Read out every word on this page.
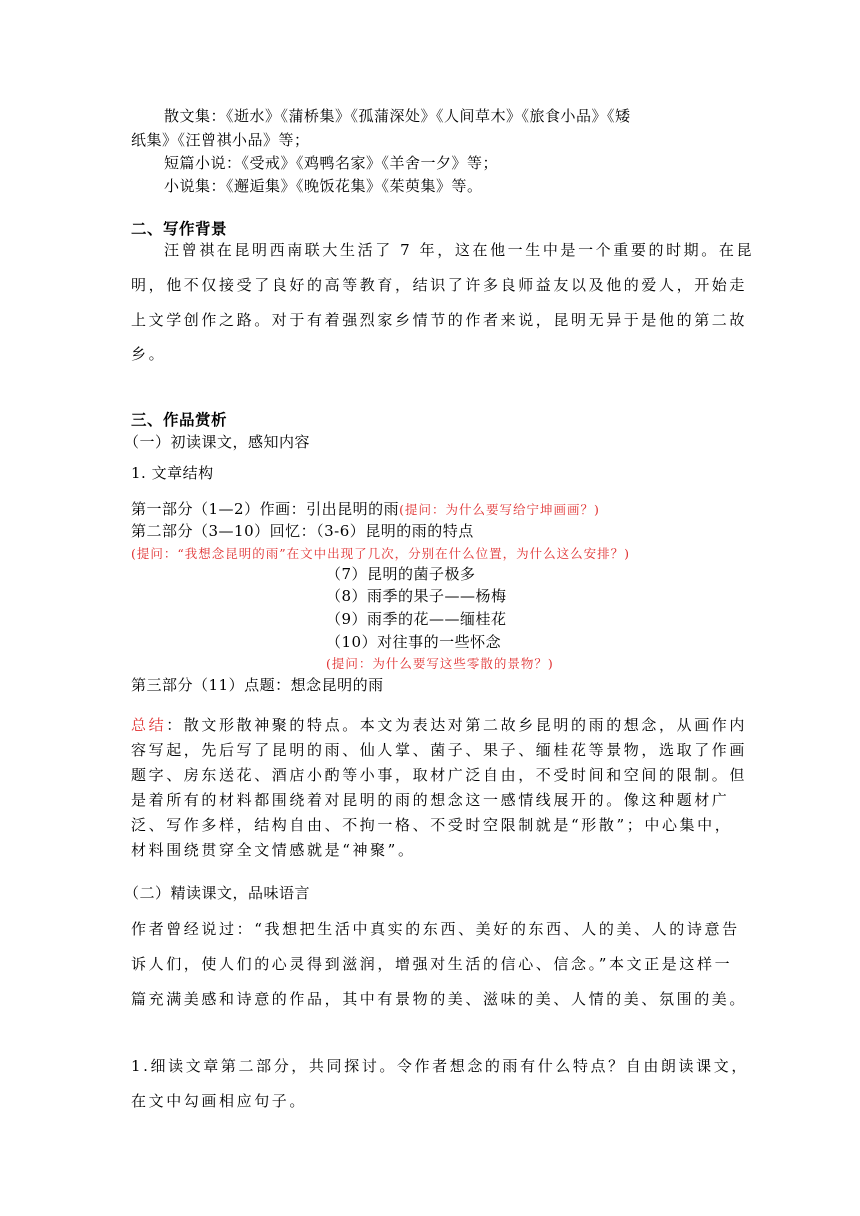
散文集：《逝水》《蒲桥集》《孤蒲深处》《人间草木》《旅食小品》《矮
纸集》《汪曾祺小品》等；
短篇小说：《受戒》《鸡鸭名家》《羊舍一夕》等；
小说集：《邂逅集》《晚饭花集》《茱萸集》等。
二、写作背景
汪曾祺在昆明西南联大生活了 7 年，这在他一生中是一个重要的时期。在昆
明，他不仅接受了良好的高等教育，结识了许多良师益友以及他的爱人，开始走
上文学创作之路。对于有着强烈家乡情节的作者来说，昆明无异于是他的第二故
乡。
三、作品赏析
（一）初读课文，感知内容
1. 文章结构
第一部分（1—2）作画：引出昆明的雨(提问：为什么要写给宁坤画画？)
第二部分（3—10）回忆：（3-6）昆明的雨的特点
(提问：“我想念昆明的雨”在文中出现了几次，分别在什么位置，为什么这么安排？)
（7）昆明的菌子极多
（8）雨季的果子——杨梅
（9）雨季的花——缅桂花
（10）对往事的一些怀念
(提问：为什么要写这些零散的景物？)
第三部分（11）点题：想念昆明的雨
总结：散文形散神聚的特点。本文为表达对第二故乡昆明的雨的想念，从画作内
容写起，先后写了昆明的雨、仙人掌、菌子、果子、缅桂花等景物，选取了作画
题字、房东送花、酒店小酌等小事，取材广泛自由，不受时间和空间的限制。但
是着所有的材料都围绕着对昆明的雨的想念这一感情线展开的。像这种题材广
泛、写作多样，结构自由、不拘一格、不受时空限制就是“形散”；中心集中，
材料围绕贯穿全文情感就是“神聚”。
（二）精读课文，品味语言
作者曾经说过：“我想把生活中真实的东西、美好的东西、人的美、人的诗意告
诉人们，使人们的心灵得到滋润，增强对生活的信心、信念。”本文正是这样一
篇充满美感和诗意的作品，其中有景物的美、滋味的美、人情的美、氛围的美。
1.细读文章第二部分，共同探讨。令作者想念的雨有什么特点？自由朗读课文，
在文中勾画相应句子。
